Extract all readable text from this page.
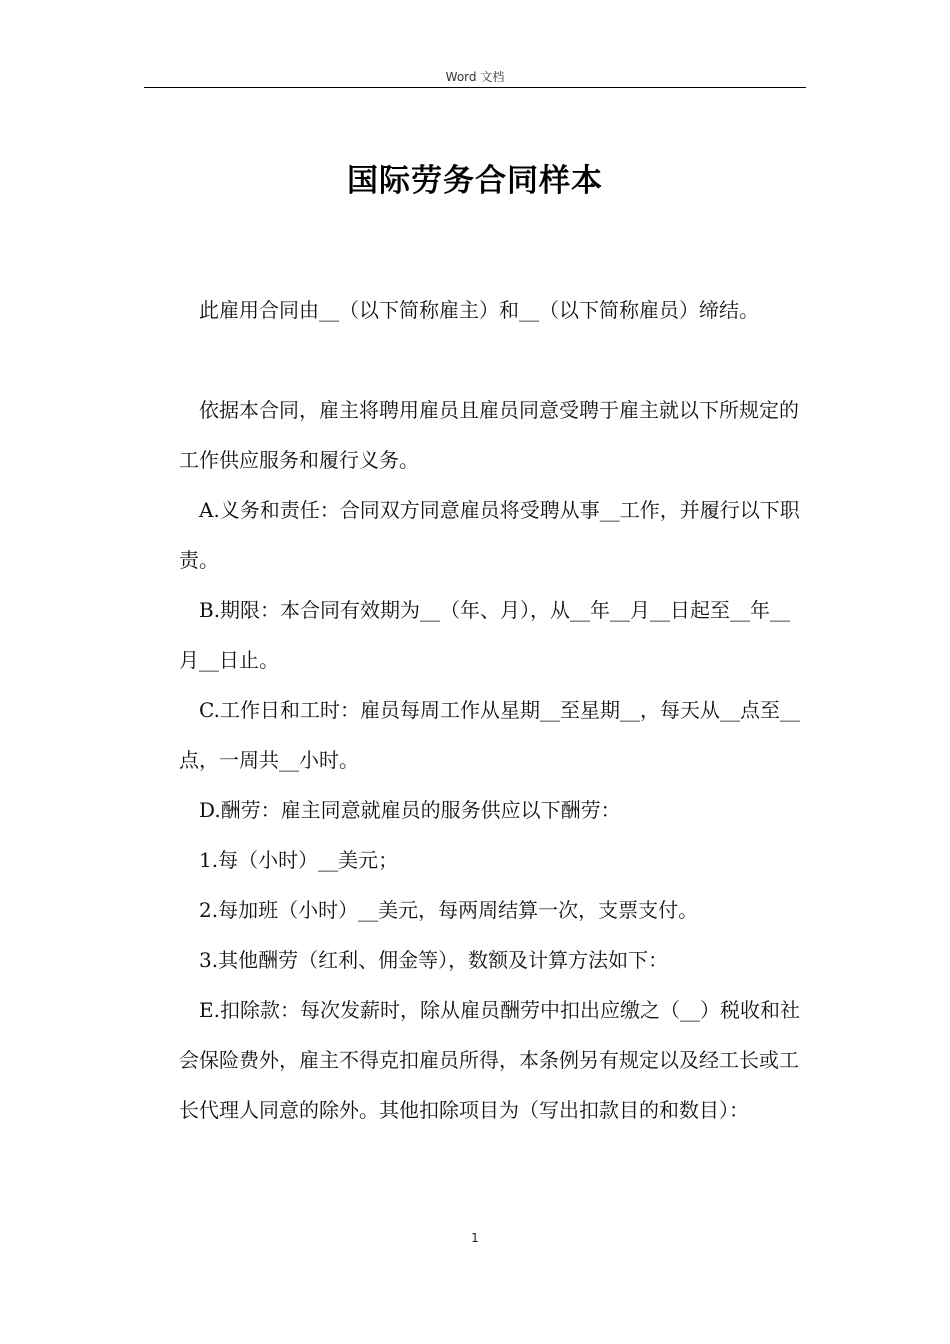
Word 文档
国际劳务合同样本

此雇用合同由__（以下简称雇主）和__（以下简称雇员）缔结。

依据本合同，雇主将聘用雇员且雇员同意受聘于雇主就以下所规定的工作供应服务和履行义务。

A.义务和责任：合同双方同意雇员将受聘从事__工作，并履行以下职责。

B.期限：本合同有效期为__（年、月），从__年__月__日起至__年__月__日止。

C.工作日和工时：雇员每周工作从星期__至星期__，每天从__点至__点，一周共__小时。

D.酬劳：雇主同意就雇员的服务供应以下酬劳：

1.每（小时）__美元；

2.每加班（小时）__美元，每两周结算一次，支票支付。

3.其他酬劳（红利、佣金等），数额及计算方法如下：

E.扣除款：每次发薪时，除从雇员酬劳中扣出应缴之（__）税收和社会保险费外，雇主不得克扣雇员所得，本条例另有规定以及经工长或工长代理人同意的除外。其他扣除项目为（写出扣款目的和数目）：

1
